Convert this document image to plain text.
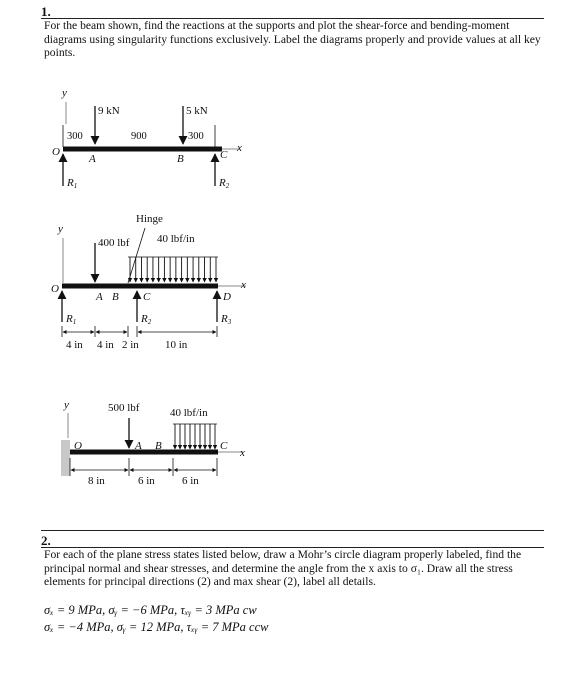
1.
For the beam shown, find the reactions at the supports and plot the shear-force and bending-moment diagrams using singularity functions exclusively. Label the diagrams properly and provide values at all key points.
y
x
O
300	900	300
9 kN	5 kN
A	B	C
R1	R2
y
x
O
Hinge
40 lbf/in
400 lbf
A B C	D
R1	R2	R3
4 in 4 in 2 in 10 in
y
x
O
500 lbf	40 lbf/in
A B	C
8 in	6 in 6 in
2.
For each of the plane stress states listed below, draw a Mohr’s circle diagram properly labeled, find the principal normal and shear stresses, and determine the angle from the x axis to σ₁. Draw all the stress elements for principal directions (2) and max shear (2), label all details.
σₓ = 9 MPa, σᵧ = −6 MPa, τₓᵧ = 3 MPa cw
σₓ = −4 MPa, σᵧ = 12 MPa, τₓᵧ = 7 MPa ccw
